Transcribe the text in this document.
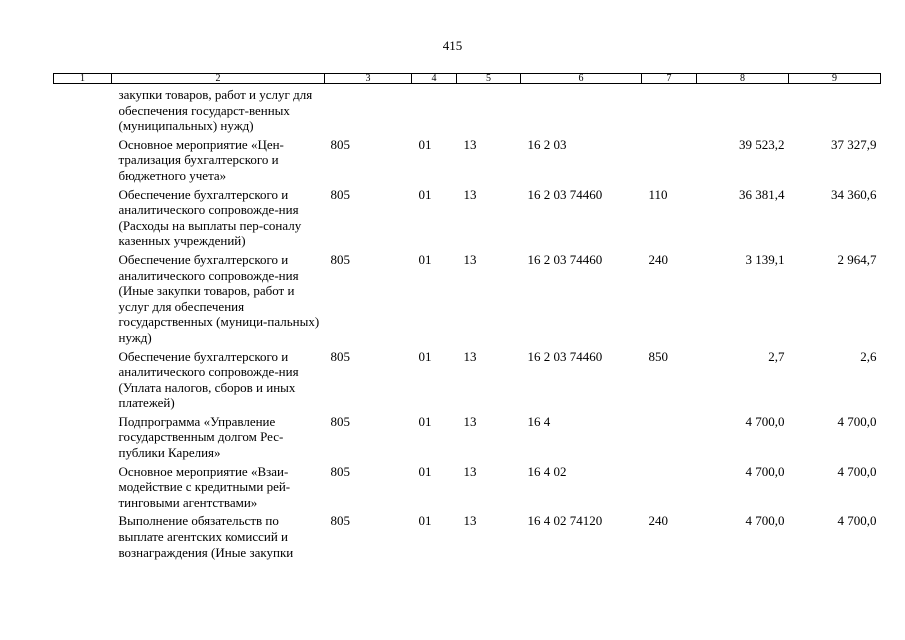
415
1	2	3	4	5	6	7	8	9
	закупки товаров, работ и услуг для обеспечения государст-венных (муниципальных) нужд)							
	Основное мероприятие «Цен-трализация бухгалтерского и бюджетного учета»	805	01	13	16 2 03		39 523,2	37 327,9
	Обеспечение бухгалтерского и аналитического сопровожде-ния (Расходы на выплаты пер-соналу казенных учреждений)	805	01	13	16 2 03 74460	110	36 381,4	34 360,6
	Обеспечение бухгалтерского и аналитического сопровожде-ния (Иные закупки товаров, работ и услуг для обеспечения государственных (муници-пальных) нужд)	805	01	13	16 2 03 74460	240	3 139,1	2 964,7
	Обеспечение бухгалтерского и аналитического сопровожде-ния (Уплата налогов, сборов и иных платежей)	805	01	13	16 2 03 74460	850	2,7	2,6
	Подпрограмма «Управление государственным долгом Рес-публики Карелия»	805	01	13	16 4		4 700,0	4 700,0
	Основное мероприятие «Взаи-модействие с кредитными рей-тинговыми агентствами»	805	01	13	16 4 02		4 700,0	4 700,0
	Выполнение обязательств по выплате агентских комиссий и вознаграждения (Иные закупки	805	01	13	16 4 02 74120	240	4 700,0	4 700,0
